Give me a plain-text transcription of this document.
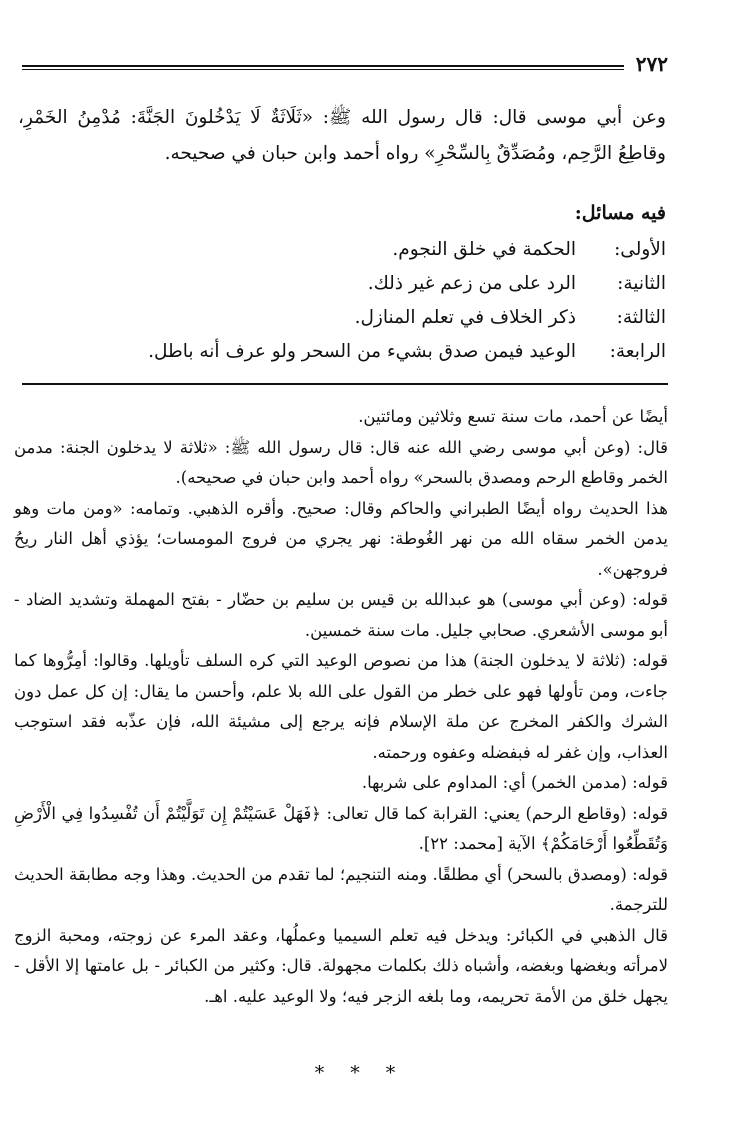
٢٧٢

وعن أبي موسى قال: قال رسول الله ﷺ: «ثَلَاثَةٌ لَا يَدْخُلونَ الجَنَّةَ: مُدْمِنُ الخَمْرِ، وقاطِعُ الرَّحِم، ومُصَدِّقٌ بِالسِّحْرِ» رواه أحمد وابن حبان في صحيحه.

فيه مسائل:
الأولى:
الحكمة في خلق النجوم.
الثانية:
الرد على من زعم غير ذلك.
الثالثة:
ذكر الخلاف في تعلم المنازل.
الرابعة:
الوعيد فيمن صدق بشيء من السحر ولو عرف أنه باطل.

أيضًا عن أحمد، مات سنة تسع وثلاثين ومائتين.

قال: (وعن أبي موسى رضي الله عنه قال: قال رسول الله ﷺ: «ثلاثة لا يدخلون الجنة: مدمن الخمر وقاطع الرحم ومصدق بالسحر» رواه أحمد وابن حبان في صحيحه).

هذا الحديث رواه أيضًا الطبراني والحاكم وقال: صحيح. وأقره الذهبي. وتمامه: «ومن مات وهو يدمن الخمر سقاه الله من نهر الغُوطة: نهر يجري من فروج المومسات؛ يؤذي أهل النار ريحُ فروجهن».

قوله: (وعن أبي موسى) هو عبدالله بن قيس بن سليم بن حضّار - بفتح المهملة وتشديد الضاد - أبو موسى الأشعري. صحابي جليل. مات سنة خمسين.

قوله: (ثلاثة لا يدخلون الجنة) هذا من نصوص الوعيد التي كره السلف تأويلها. وقالوا: أمِرُّوها كما جاءت، ومن تأولها فهو على خطر من القول على الله بلا علم، وأحسن ما يقال: إن كل عمل دون الشرك والكفر المخرج عن ملة الإسلام فإنه يرجع إلى مشيئة الله، فإن عذّبه فقد استوجب العذاب، وإن غفر له فبفضله وعفوه ورحمته.

قوله: (مدمن الخمر) أي: المداوم على شربها.

قوله: (وقاطع الرحم) يعني: القرابة كما قال تعالى: ﴿فَهَلْ عَسَيْتُمْ إِن تَوَلَّيْتُمْ أَن تُفْسِدُوا فِي الْأَرْضِ وَتُقَطِّعُوا أَرْحَامَكُمْ﴾ الآية [محمد: ٢٢].

قوله: (ومصدق بالسحر) أي مطلقًا. ومنه التنجيم؛ لما تقدم من الحديث. وهذا وجه مطابقة الحديث للترجمة.

قال الذهبي في الكبائر: ويدخل فيه تعلم السيميا وعملُها، وعقد المرء عن زوجته، ومحبة الزوج لامرأته وبغضها وبغضه، وأشباه ذلك بكلمات مجهولة. قال: وكثير من الكبائر - بل عامتها إلا الأقل - يجهل خلق من الأمة تحريمه، وما بلغه الزجر فيه؛ ولا الوعيد عليه. اهـ.

* * *
